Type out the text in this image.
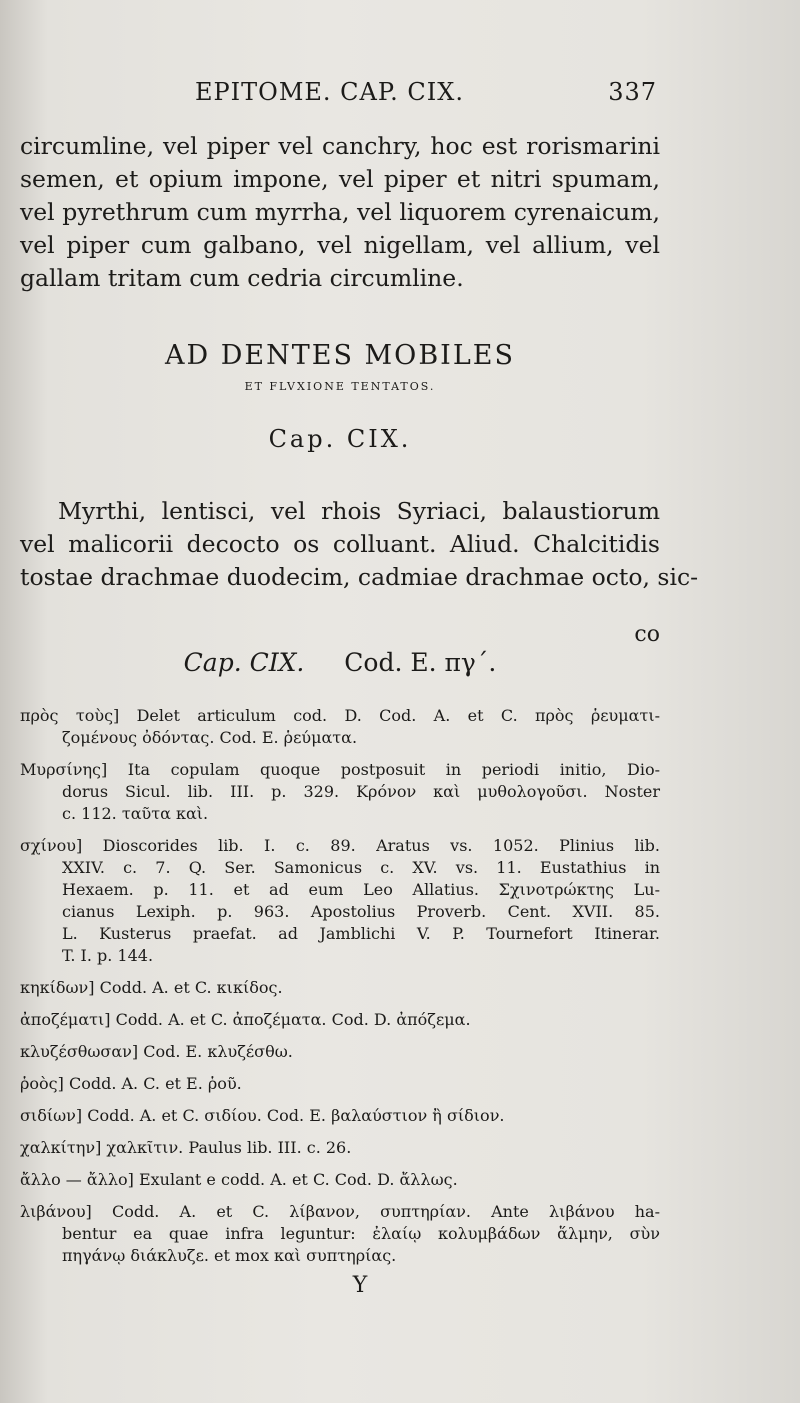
EPITOME. CAP. CIX.	337
circumline, vel piper vel canchry, hoc est rorismarini
semen, et opium impone, vel piper et nitri spumam,
vel pyrethrum cum myrrha, vel liquorem cyrenaicum,
vel piper cum galbano, vel nigellam, vel allium, vel
gallam tritam cum cedria circumline.
AD DENTES MOBILES
ET FLVXIONE TENTATOS.
Cap. CIX.
Myrthi, lentisci, vel rhois Syriaci, balaustiorum
vel malicorii decocto os colluant. Aliud. Chalcitidis
tostae drachmae duodecim, cadmiae drachmae octo, sic-
co
Cap. CIX. Cod. E. πγ΄.
πρὸς τοὺς] Delet articulum cod. D. Cod. A. et C. πρὸς ῥευματι-
ζομένους ὀδόντας. Cod. E. ῥεύματα.
Μυρσίνης] Ita copulam quoque postposuit in periodi initio, Dio-
dorus Sicul. lib. III. p. 329. Κρόνον καὶ μυθολογοῦσι. Noster
c. 112. ταῦτα καὶ.
σχίνου] Dioscorides lib. I. c. 89. Aratus vs. 1052. Plinius lib.
XXIV. c. 7. Q. Ser. Samonicus c. XV. vs. 11. Eustathius in
Hexaem. p. 11. et ad eum Leo Allatius. Σχινοτρώκτης Lu-
cianus Lexiph. p. 963. Apostolius Proverb. Cent. XVII. 85.
L. Kusterus praefat. ad Jamblichi V. P. Tournefort Itinerar.
T. I. p. 144.
κηκίδων] Codd. A. et C. κικίδος.
ἀποζέματι] Codd. A. et C. ἀποζέματα. Cod. D. ἀπόζεμα.
κλυζέσθωσαν] Cod. E. κλυζέσθω.
ῥοὸς] Codd. A. C. et E. ῥοῦ.
σιδίων] Codd. A. et C. σιδίου. Cod. E. βαλαύστιον ἢ σίδιον.
χαλκίτην] χαλκῖτιν. Paulus lib. III. c. 26.
ἄλλο — ἄλλο] Exulant e codd. A. et C. Cod. D. ἄλλως.
λιβάνου] Codd. A. et C. λίβανον, συπτηρίαν. Ante λιβάνου ha-
bentur ea quae infra leguntur: ἐλαίῳ κολυμβάδων ἅλμην, σὺν
πηγάνῳ διάκλυζε. et mox καὶ συπτηρίας.
Y
